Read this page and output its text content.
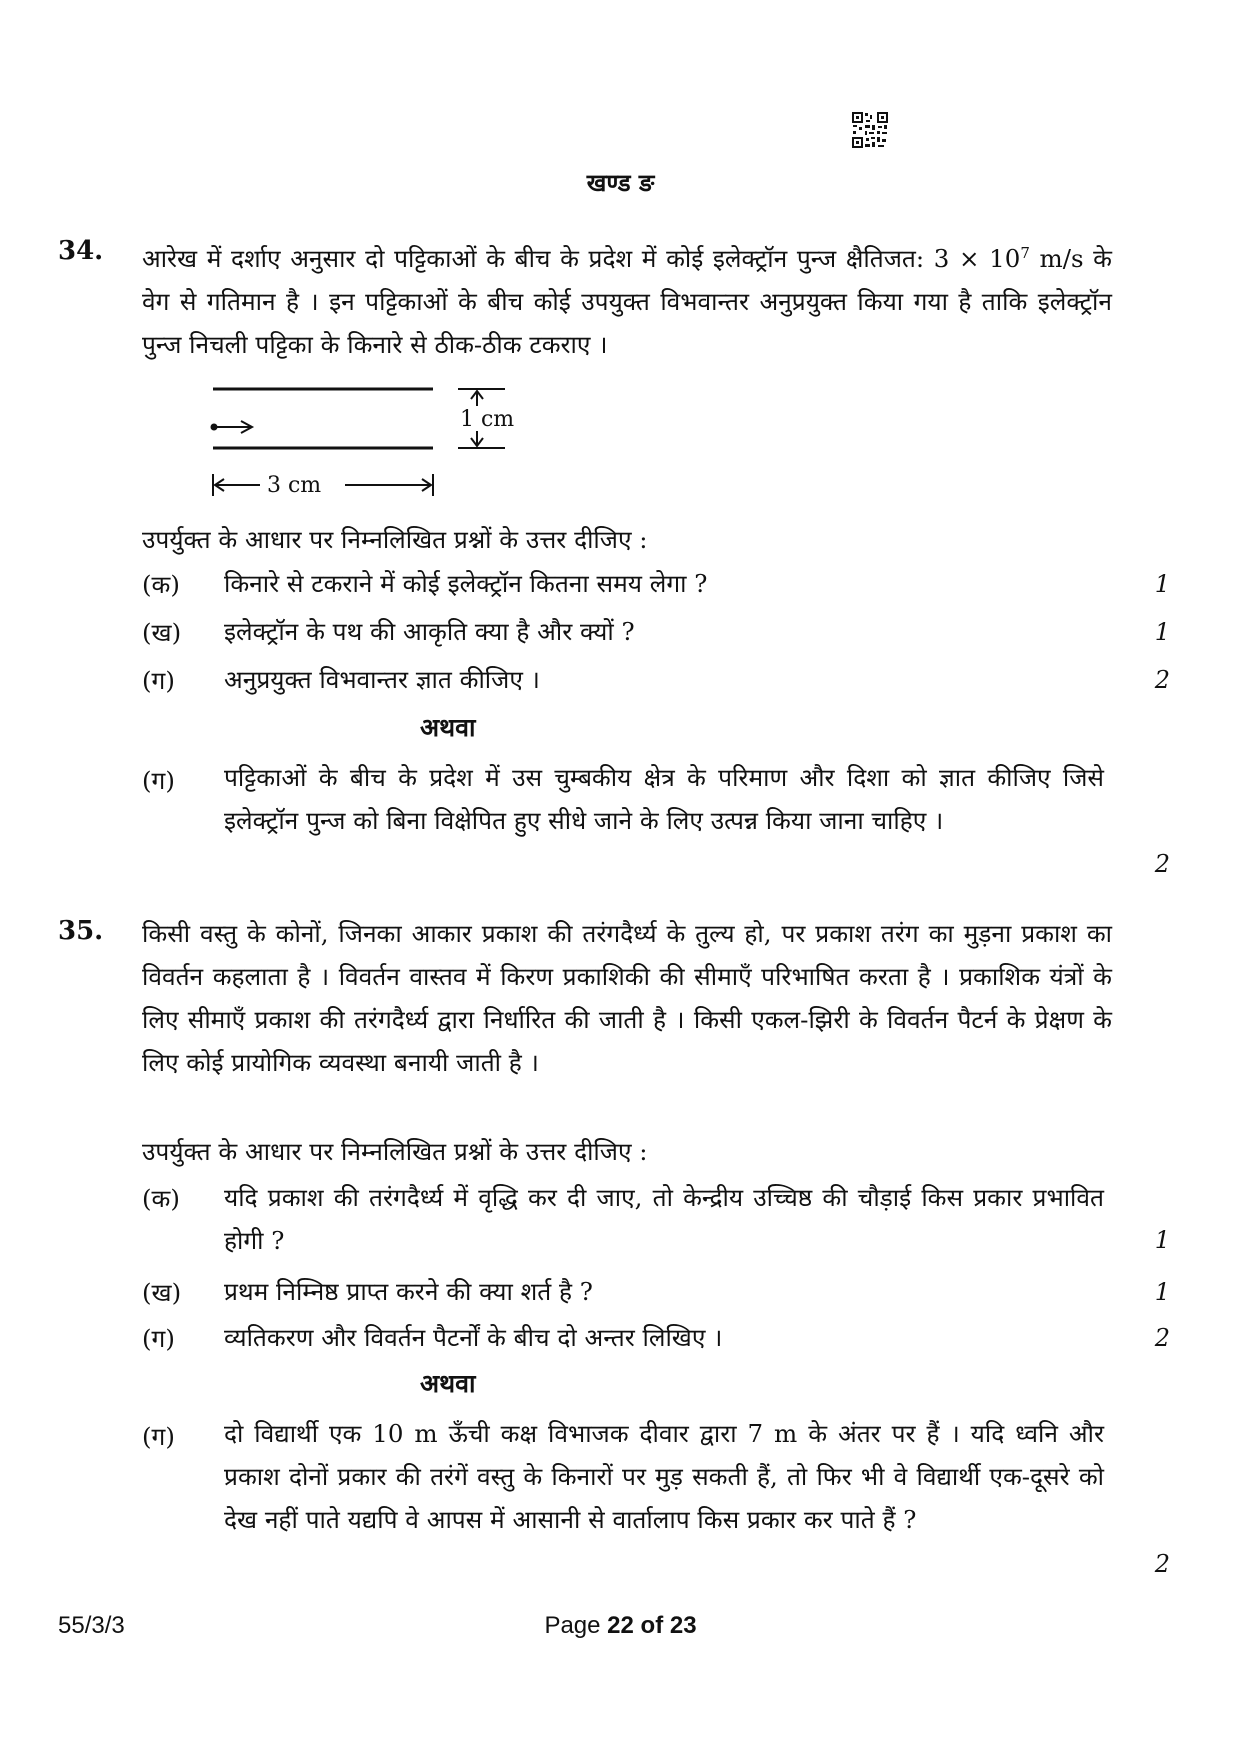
खण्ड ङ
34. आरेख में दर्शाए अनुसार दो पट्टिकाओं के बीच के प्रदेश में कोई इलेक्ट्रॉन पुन्ज क्षैतिजत: $3 \times 10^7$ m/s के वेग से गतिमान है । इन पट्टिकाओं के बीच कोई उपयुक्त विभवान्तर अनुप्रयुक्त किया गया है ताकि इलेक्ट्रॉन पुन्ज निचली पट्टिका के किनारे से ठीक-ठीक टकराए ।
1 cm
3 cm
उपर्युक्त के आधार पर निम्नलिखित प्रश्नों के उत्तर दीजिए :
(क) किनारे से टकराने में कोई इलेक्ट्रॉन कितना समय लेगा ?	1
(ख) इलेक्ट्रॉन के पथ की आकृति क्या है और क्यों ?	1
(ग) अनुप्रयुक्त विभवान्तर ज्ञात कीजिए ।	2
अथवा
(ग) पट्टिकाओं के बीच के प्रदेश में उस चुम्बकीय क्षेत्र के परिमाण और दिशा को ज्ञात कीजिए जिसे इलेक्ट्रॉन पुन्ज को बिना विक्षेपित हुए सीधे जाने के लिए उत्पन्न किया जाना चाहिए ।
2
35. किसी वस्तु के कोनों, जिनका आकार प्रकाश की तरंगदैर्ध्य के तुल्य हो, पर प्रकाश तरंग का मुड़ना प्रकाश का विवर्तन कहलाता है । विवर्तन वास्तव में किरण प्रकाशिकी की सीमाएँ परिभाषित करता है । प्रकाशिक यंत्रों के लिए सीमाएँ प्रकाश की तरंगदैर्ध्य द्वारा निर्धारित की जाती है । किसी एकल-झिरी के विवर्तन पैटर्न के प्रेक्षण के लिए कोई प्रायोगिक व्यवस्था बनायी जाती है ।
उपर्युक्त के आधार पर निम्नलिखित प्रश्नों के उत्तर दीजिए :
(क) यदि प्रकाश की तरंगदैर्ध्य में वृद्धि कर दी जाए, तो केन्द्रीय उच्चिष्ठ की चौड़ाई किस प्रकार प्रभावित होगी ?	1
(ख) प्रथम निम्निष्ठ प्राप्त करने की क्या शर्त है ?	1
(ग) व्यतिकरण और विवर्तन पैटर्नों के बीच दो अन्तर लिखिए ।	2
अथवा
(ग) दो विद्यार्थी एक 10 m ऊँची कक्ष विभाजक दीवार द्वारा 7 m के अंतर पर हैं । यदि ध्वनि और प्रकाश दोनों प्रकार की तरंगें वस्तु के किनारों पर मुड़ सकती हैं, तो फिर भी वे विद्यार्थी एक-दूसरे को देख नहीं पाते यद्यपि वे आपस में आसानी से वार्तालाप किस प्रकार कर पाते हैं ?
2
55/3/3	Page 22 of 23
